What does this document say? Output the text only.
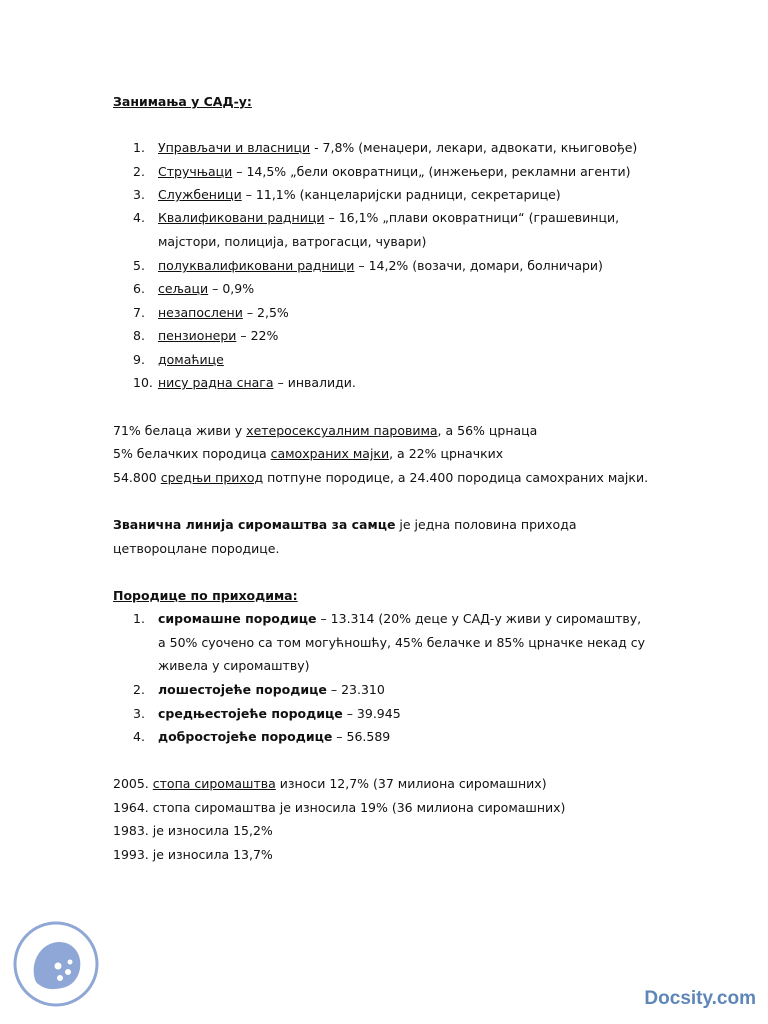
Занимања у САД-у:
1. Управљачи и власници - 7,8% (менаџери, лекари, адвокати, књиговође)
2. Стручњаци – 14,5% „бели оковратници„ (инжењери, рекламни агенти)
3. Службеници – 11,1% (канцеларијски радници, секретарице)
4. Квалификовани радници – 16,1% „плави оковратници“ (грашевинци,
мајстори, полиција, ватрогасци, чувари)
5. полуквалификовани радници – 14,2% (возачи, домари, болничари)
6. сељаци – 0,9%
7. незапослени – 2,5%
8. пензионери – 22%
9. домаћице
10. нису радна снага – инвалиди.
71% белаца живи у хетеросексуалним паровима, а 56% црнаца
5% белачких породица самохраних мајки, а 22% црначких
54.800 средњи приход потпуне породице, а 24.400 породица самохраних мајки.
Званична линија сиромаштва за самце је једна половина прихода
цетвороцлане породице.
Породице по приходима:
1. сиромашне породице – 13.314 (20% деце у САД-у живи у сиромаштву,
а 50% суочено са том могућношћу, 45% белачке и 85% црначке некад су
живела у сиромаштву)
2. лошестојеће породице – 23.310
3. средњестојеће породице – 39.945
4. добростојеће породице – 56.589
2005. стопа сиромаштва износи 12,7% (37 милиона сиромашних)
1964. стопа сиромаштва је износила 19% (36 милиона сиромашних)
1983. је износила 15,2%
1993. је износила 13,7%
Docsity.com
